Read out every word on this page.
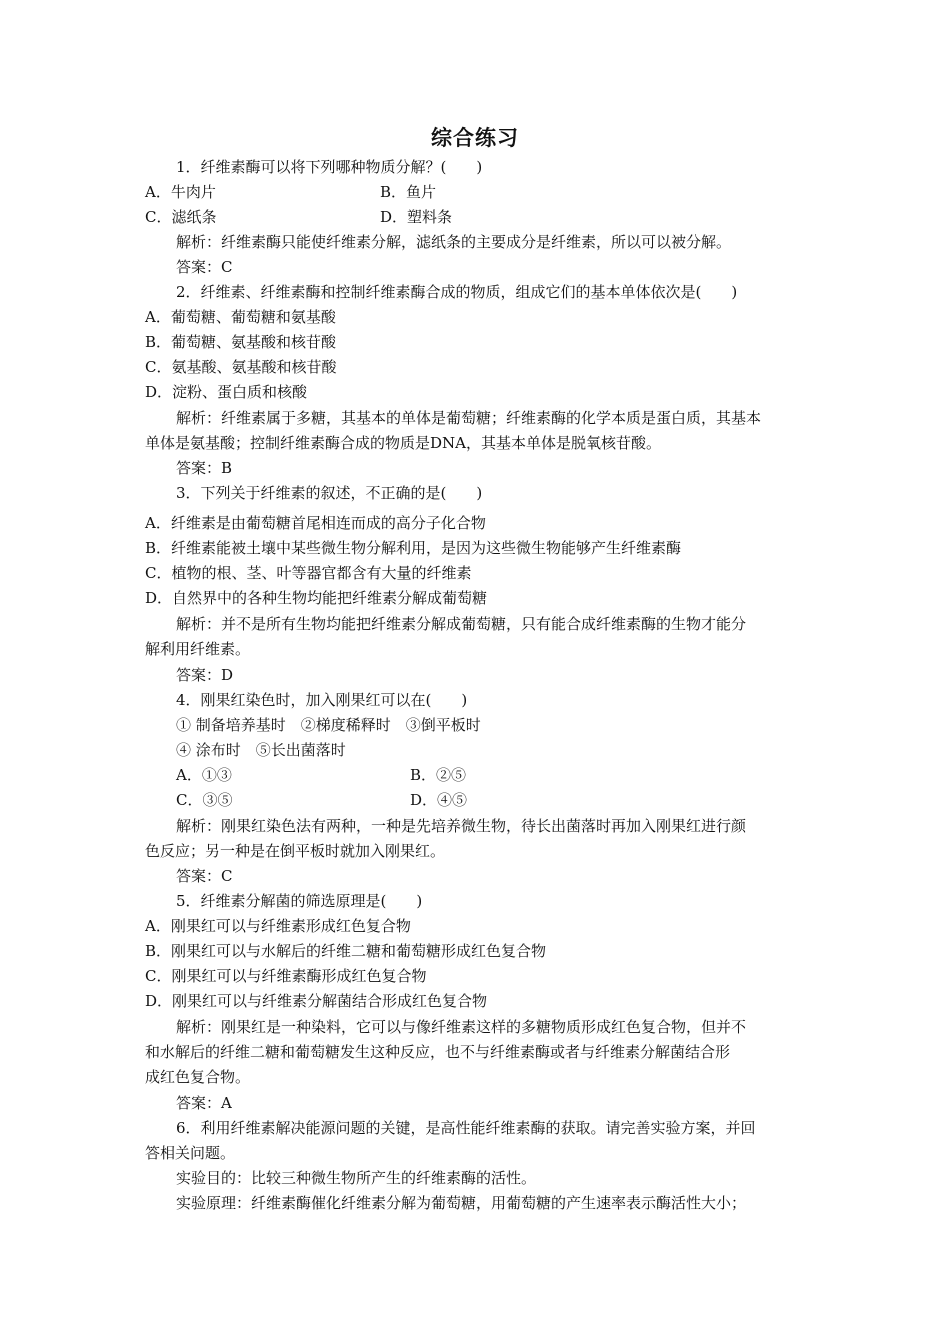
综合练习
1．纤维素酶可以将下列哪种物质分解？(　　)
A．牛肉片	B．鱼片
C．滤纸条	D．塑料条
解析：纤维素酶只能使纤维素分解，滤纸条的主要成分是纤维素，所以可以被分解。
答案：C
2．纤维素、纤维素酶和控制纤维素酶合成的物质，组成它们的基本单体依次是(　　)
A．葡萄糖、葡萄糖和氨基酸
B．葡萄糖、氨基酸和核苷酸
C．氨基酸、氨基酸和核苷酸
D．淀粉、蛋白质和核酸
解析：纤维素属于多糖，其基本的单体是葡萄糖；纤维素酶的化学本质是蛋白质，其基本
单体是氨基酸；控制纤维素酶合成的物质是DNA，其基本单体是脱氧核苷酸。
答案：B
3．下列关于纤维素的叙述，不正确的是(　　)
A．纤维素是由葡萄糖首尾相连而成的高分子化合物
B．纤维素能被土壤中某些微生物分解利用，是因为这些微生物能够产生纤维素酶
C．植物的根、茎、叶等器官都含有大量的纤维素
D．自然界中的各种生物均能把纤维素分解成葡萄糖
解析：并不是所有生物均能把纤维素分解成葡萄糖，只有能合成纤维素酶的生物才能分
解利用纤维素。
答案：D
4．刚果红染色时，加入刚果红可以在(　　)
① 制备培养基时　②梯度稀释时　③倒平板时
④ 涂布时　⑤长出菌落时
A．①③	B．②⑤
C．③⑤	D．④⑤
解析：刚果红染色法有两种，一种是先培养微生物，待长出菌落时再加入刚果红进行颜
色反应；另一种是在倒平板时就加入刚果红。
答案：C
5．纤维素分解菌的筛选原理是(　　)
A．刚果红可以与纤维素形成红色复合物
B．刚果红可以与水解后的纤维二糖和葡萄糖形成红色复合物
C．刚果红可以与纤维素酶形成红色复合物
D．刚果红可以与纤维素分解菌结合形成红色复合物
解析：刚果红是一种染料，它可以与像纤维素这样的多糖物质形成红色复合物，但并不
和水解后的纤维二糖和葡萄糖发生这种反应，也不与纤维素酶或者与纤维素分解菌结合形
成红色复合物。
答案：A
6．利用纤维素解决能源问题的关键，是高性能纤维素酶的获取。请完善实验方案，并回
答相关问题。
实验目的：比较三种微生物所产生的纤维素酶的活性。
实验原理：纤维素酶催化纤维素分解为葡萄糖，用葡萄糖的产生速率表示酶活性大小；
